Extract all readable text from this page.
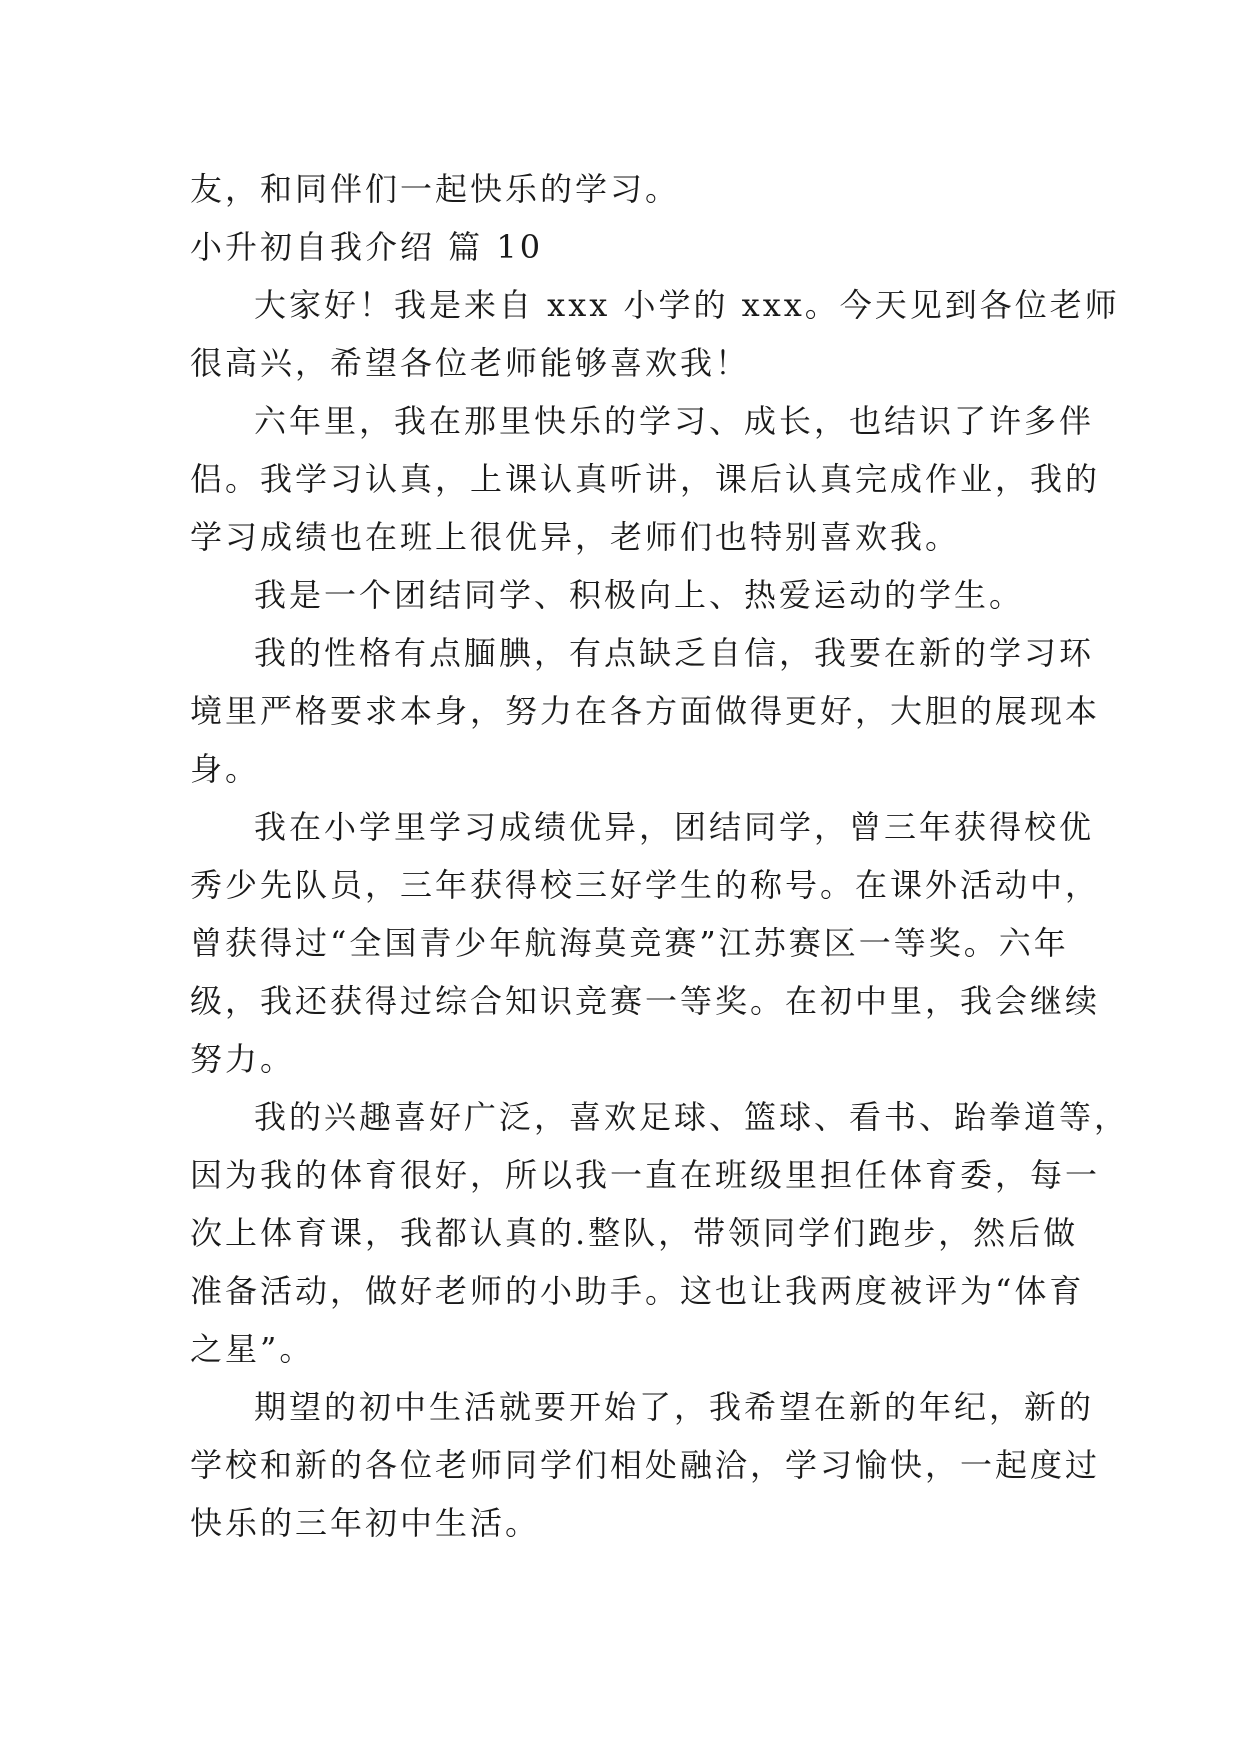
友，和同伴们一起快乐的学习。
小升初自我介绍 篇 10
大家好！我是来自 xxx 小学的 xxx。今天见到各位老师
很高兴，希望各位老师能够喜欢我！
六年里，我在那里快乐的学习、成长，也结识了许多伴
侣。我学习认真，上课认真听讲，课后认真完成作业，我的
学习成绩也在班上很优异，老师们也特别喜欢我。
我是一个团结同学、积极向上、热爱运动的学生。
我的性格有点腼腆，有点缺乏自信，我要在新的学习环
境里严格要求本身，努力在各方面做得更好，大胆的展现本
身。
我在小学里学习成绩优异，团结同学，曾三年获得校优
秀少先队员，三年获得校三好学生的称号。在课外活动中，
曾获得过“全国青少年航海莫竞赛”江苏赛区一等奖。六年
级，我还获得过综合知识竞赛一等奖。在初中里，我会继续
努力。
我的兴趣喜好广泛，喜欢足球、篮球、看书、跆拳道等，
因为我的体育很好，所以我一直在班级里担任体育委，每一
次上体育课，我都认真的.整队，带领同学们跑步，然后做
准备活动，做好老师的小助手。这也让我两度被评为“体育
之星”。
期望的初中生活就要开始了，我希望在新的年纪，新的
学校和新的各位老师同学们相处融洽，学习愉快，一起度过
快乐的三年初中生活。
